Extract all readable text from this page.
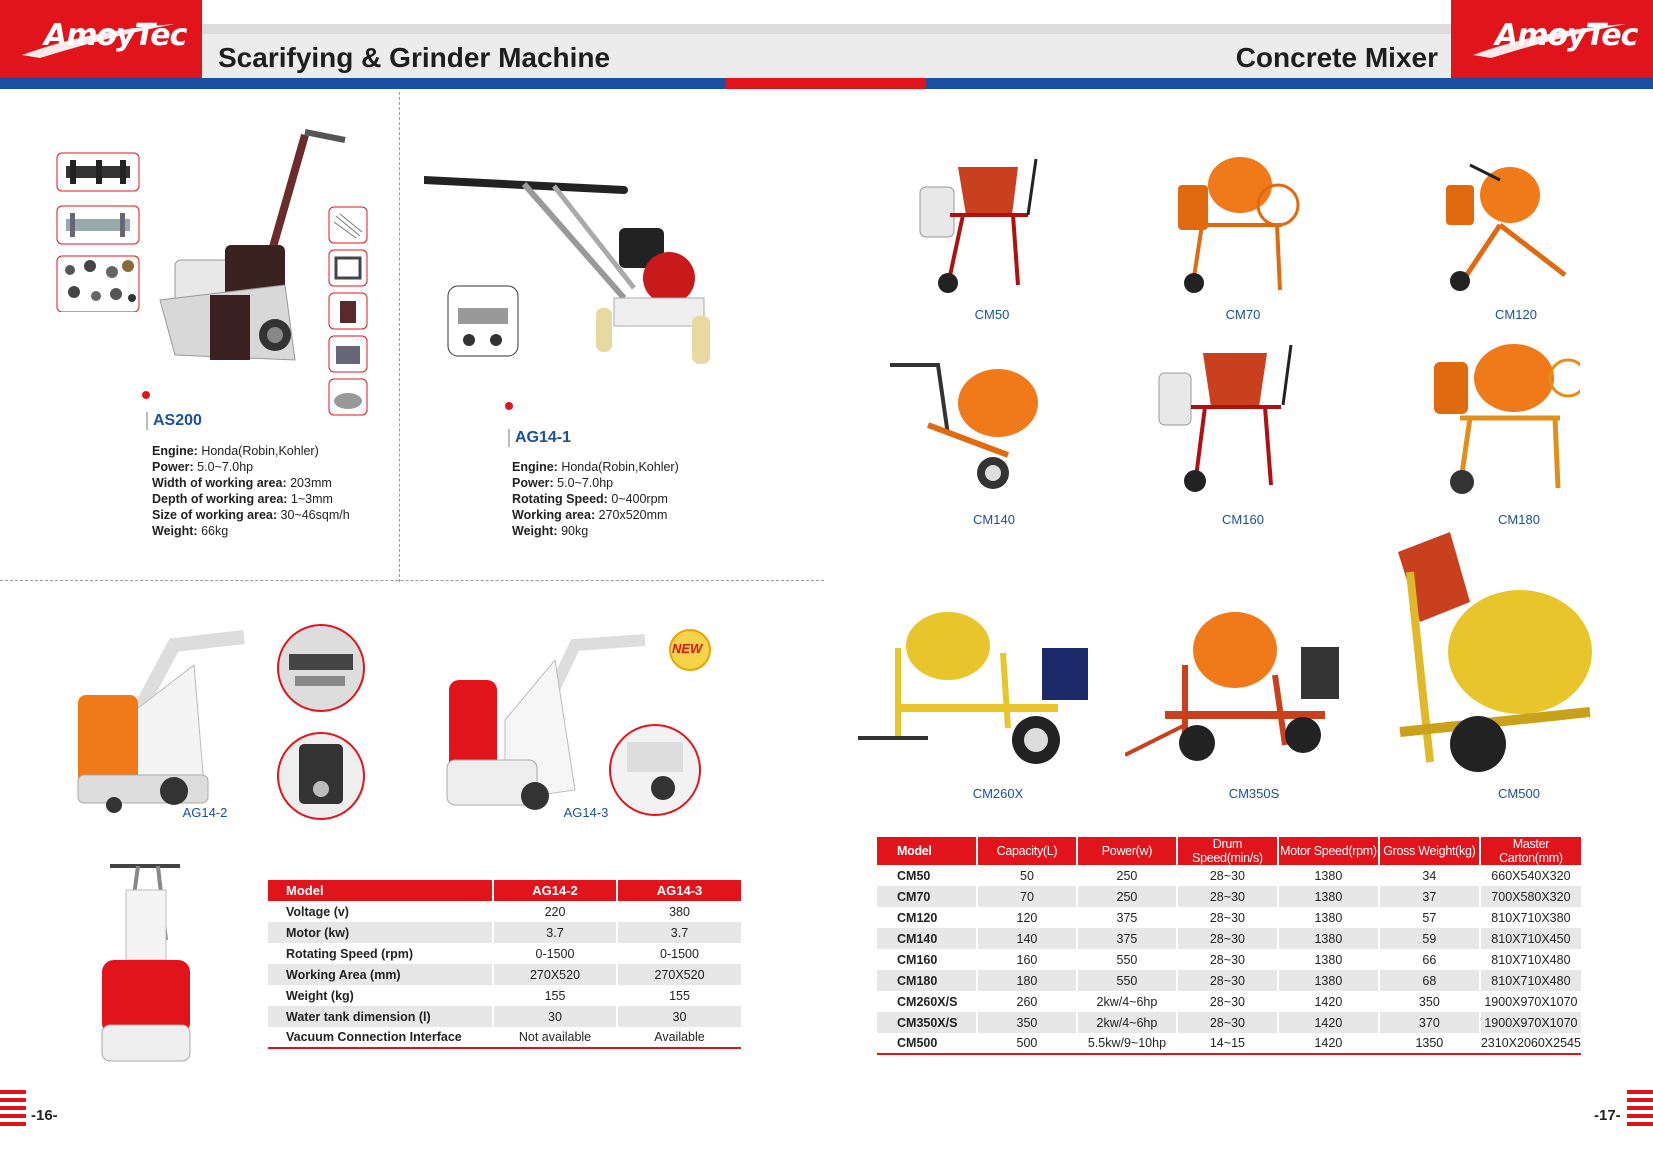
AmoyTec	AmoyTec
Scarifying & Grinder Machine	Concrete Mixer
AS200
Engine: Honda(Robin,Kohler)
Power: 5.0~7.0hp
Width of working area: 203mm
Depth of working area: 1~3mm
Size of working area: 30~46sqm/h
Weight: 66kg
AG14-1
Engine: Honda(Robin,Kohler)
Power: 5.0~7.0hp
Rotating Speed: 0~400rpm
Working area: 270x520mm
Weight: 90kg
AG14-2
NEW
AG14-3
Model	AG14-2	AG14-3
Voltage (v)	220	380
Motor (kw)	3.7	3.7
Rotating Speed (rpm)	0-1500	0-1500
Working Area (mm)	270X520	270X520
Weight (kg)	155	155
Water tank dimension (l)	30	30
Vacuum Connection Interface	Not available	Available
-16-
CM50	CM70	CM120
CM140	CM160	CM180
CM260X	CM350S	CM500
Model	Capacity(L)	Power(w)	Drum Speed(min/s)	Motor Speed(rpm)	Gross Weight(kg)	Master Carton(mm)
CM50	50	250	28~30	1380	34	660X540X320
CM70	70	250	28~30	1380	37	700X580X320
CM120	120	375	28~30	1380	57	810X710X380
CM140	140	375	28~30	1380	59	810X710X450
CM160	160	550	28~30	1380	66	810X710X480
CM180	180	550	28~30	1380	68	810X710X480
CM260X/S	260	2kw/4~6hp	28~30	1420	350	1900X970X1070
CM350X/S	350	2kw/4~6hp	28~30	1420	370	1900X970X1070
CM500	500	5.5kw/9~10hp	14~15	1420	1350	2310X2060X2545
-17-
